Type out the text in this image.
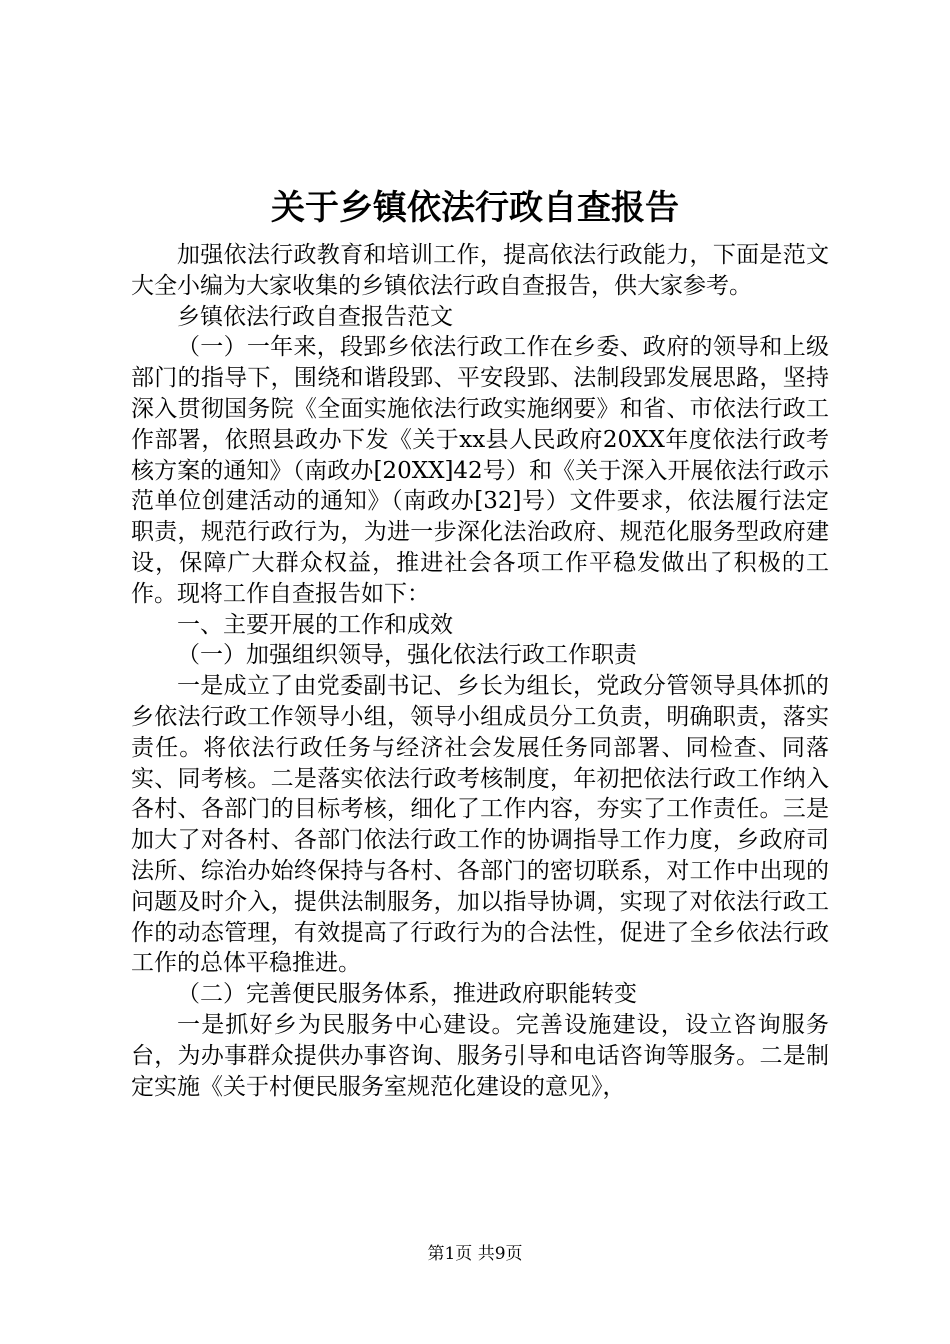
关于乡镇依法行政自查报告

加强依法行政教育和培训工作，提高依法行政能力，下面是范文大全小编为大家收集的乡镇依法行政自查报告，供大家参考。

乡镇依法行政自查报告范文

（一）一年来，段郢乡依法行政工作在乡委、政府的领导和上级部门的指导下，围绕和谐段郢、平安段郢、法制段郢发展思路，坚持深入贯彻国务院《全面实施依法行政实施纲要》和省、市依法行政工作部署，依照县政办下发《关于xx县人民政府20XX年度依法行政考核方案的通知》（南政办[20XX]42号）和《关于深入开展依法行政示范单位创建活动的通知》（南政办[32]号）文件要求，依法履行法定职责，规范行政行为，为进一步深化法治政府、规范化服务型政府建设，保障广大群众权益，推进社会各项工作平稳发做出了积极的工作。现将工作自查报告如下：

一、主要开展的工作和成效

（一）加强组织领导，强化依法行政工作职责

一是成立了由党委副书记、乡长为组长，党政分管领导具体抓的乡依法行政工作领导小组，领导小组成员分工负责，明确职责，落实责任。将依法行政任务与经济社会发展任务同部署、同检查、同落实、同考核。二是落实依法行政考核制度，年初把依法行政工作纳入各村、各部门的目标考核，细化了工作内容，夯实了工作责任。三是加大了对各村、各部门依法行政工作的协调指导工作力度，乡政府司法所、综治办始终保持与各村、各部门的密切联系，对工作中出现的问题及时介入，提供法制服务，加以指导协调，实现了对依法行政工作的动态管理，有效提高了行政行为的合法性，促进了全乡依法行政工作的总体平稳推进。

（二）完善便民服务体系，推进政府职能转变

一是抓好乡为民服务中心建设。完善设施建设，设立咨询服务台，为办事群众提供办事咨询、服务引导和电话咨询等服务。二是制定实施《关于村便民服务室规范化建设的意见》，

第1页 共9页
